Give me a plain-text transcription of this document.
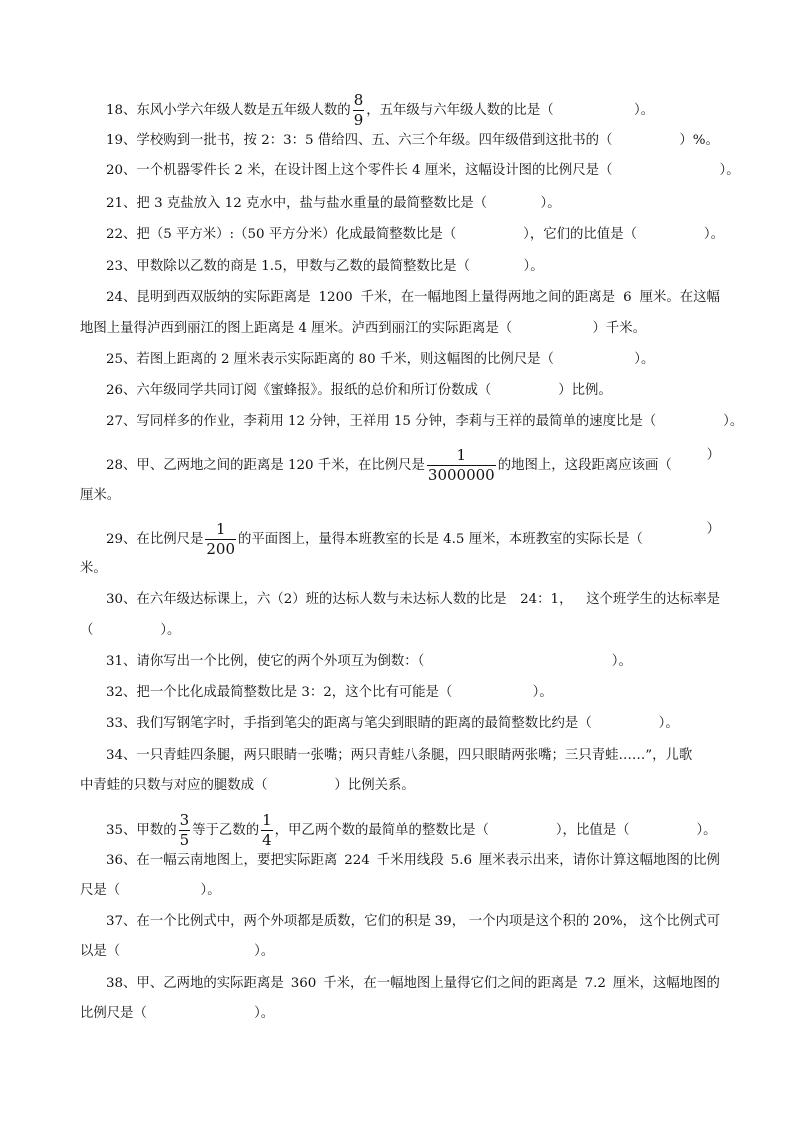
18、东风小学六年级人数是五年级人数的 $\frac{8}{9}$ ，五年级与六年级人数的比是（　　　　　　）。
19、学校购到一批书，按 2：3：5 借给四、五、六三个年级。四年级借到这批书的（　　　　　）%。
20、一个机器零件长 2 米，在设计图上这个零件长 4 厘米，这幅设计图的比例尺是（　　　　　　　　）。
21、把 3 克盐放入 12 克水中，盐与盐水重量的最简整数比是（　　　　）。
22、把（5 平方米）:（50 平方分米）化成最简整数比是（　　　　　），它们的比值是（　　　　　）。
23、甲数除以乙数的商是 1.5，甲数与乙数的最简整数比是（　　　　）。
24、昆明到西双版纳的实际距离是 1200 千米，在一幅地图上量得两地之间的距离是 6 厘米。在这幅
地图上量得泸西到丽江的图上距离是 4 厘米。泸西到丽江的实际距离是（　　　　　　）千米。
25、若图上距离的 2 厘米表示实际距离的 80 千米，则这幅图的比例尺是（　　　　　　）。
26、六年级同学共同订阅《蜜蜂报》。报纸的总价和所订份数成（　　　　　）比例。
27、写同样多的作业，李莉用 12 分钟，王祥用 15 分钟，李莉与王祥的最简单的速度比是（　　　　　）。
28、甲、乙两地之间的距离是 120 千米，在比例尺是 $\frac{1}{3000000}$ 的地图上，这段距离应该画（
）
厘米。
29、在比例尺是 $\frac{1}{200}$ 的平面图上，量得本班教室的长是 4.5 厘米，本班教室的实际长是（
）
米。
30、在六年级达标课上，六（2）班的达标人数与未达标人数的比是 24：1， 这个班学生的达标率是
（　　　　　）。
31、请你写出一个比例，使它的两个外项互为倒数：（　　　　　　　　　　　　　　）。
32、把一个比化成最简整数比是 3：2，这个比有可能是（　　　　　　）。
33、我们写钢笔字时，手指到笔尖的距离与笔尖到眼睛的距离的最简整数比约是（　　　　　）。
34、一只青蛙四条腿，两只眼睛一张嘴；两只青蛙八条腿，四只眼睛两张嘴；三只青蛙……”，儿歌
中青蛙的只数与对应的腿数成（　　　　　）比例关系。
35、甲数的 $\frac{3}{5}$ 等于乙数的 $\frac{1}{4}$ ，甲乙两个数的最简单的整数比是（　　　　　），比值是（　　　　　）。
36、在一幅云南地图上，要把实际距离 224 千米用线段 5.6 厘米表示出来，请你计算这幅地图的比例
尺是（　　　　　　）。
37、在一个比例式中，两个外项都是质数，它们的积是 39， 一个内项是这个积的 20%， 这个比例式可
以是（　　　　　　　　　　）。
38、甲、乙两地的实际距离是 360 千米，在一幅地图上量得它们之间的距离是 7.2 厘米，这幅地图的
比例尺是（　　　　　　　　）。
